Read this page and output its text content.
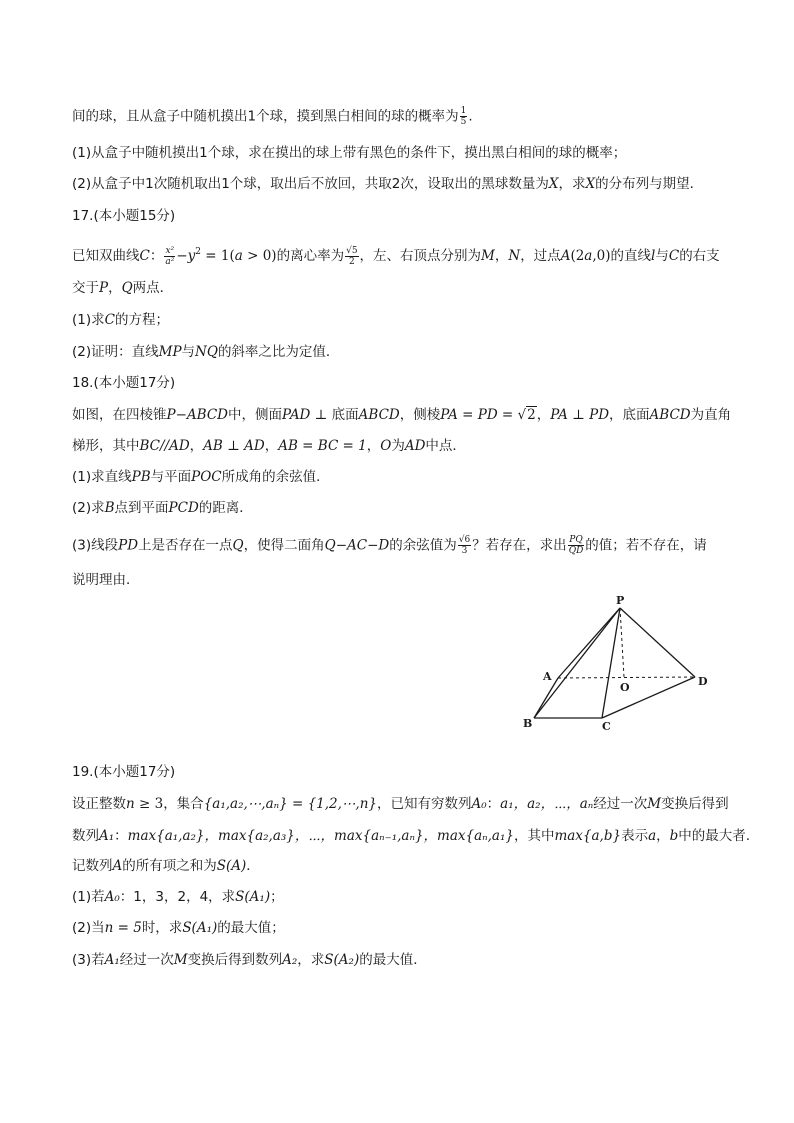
间的球，且从盒子中随机摸出1个球，摸到黑白相间的球的概率为 $\frac{1}{5}$ .
(1)从盒子中随机摸出1个球，求在摸出的球上带有黑色的条件下，摸出黑白相间的球的概率；
(2)从盒子中1次随机取出1个球，取出后不放回，共取2次，设取出的黑球数量为X，求X的分布列与期望．
17.(本小题15分)
已知双曲线C： $\frac{\text{x²}}{\text{a²}} -y^2 = 1(a > 0)$的离心率为 $\frac{√5}{2}$ ，左、右顶点分别为M，N，过点A(2a,0)的直线l与C的右支
交于P，Q两点．
(1)求C的方程；
(2)证明：直线MP与NQ的斜率之比为定值．
18.(本小题17分)
如图，在四棱锥P−ABCD中，侧面PAD ⊥ 底面ABCD，侧棱PA = PD = √2，PA ⊥ PD，底面ABCD为直角
梯形，其中BC//AD，AB ⊥ AD，AB = BC = 1，O为AD中点．
(1)求直线PB与平面POC所成角的余弦值．
(2)求B点到平面PCD的距离．
(3)线段PD上是否存在一点Q，使得二面角Q−AC−D的余弦值为 $\frac{√6}{3}$ ？若存在，求出 $\frac{PQ}{QD}$ 的值；若不存在，请
说明理由．
P
A
O	D
B	C
19.(本小题17分)
设正整数n ≥ 3，集合{a₁,a₂,⋯,aₙ} = {1,2,⋯,n}，已知有穷数列A₀：a₁，a₂，⋯，aₙ经过一次M变换后得到
数列A₁：max{a₁,a₂}，max{a₂,a₃}，⋯，max{aₙ₋₁,aₙ}，max{aₙ,a₁}，其中max{a,b}表示a，b中的最大者.
记数列A的所有项之和为S(A)．
(1)若A₀：1，3，2，4，求S(A₁)；
(2)当n = 5时，求S(A₁)的最大值；
(3)若A₁经过一次M变换后得到数列A₂，求S(A₂)的最大值．
